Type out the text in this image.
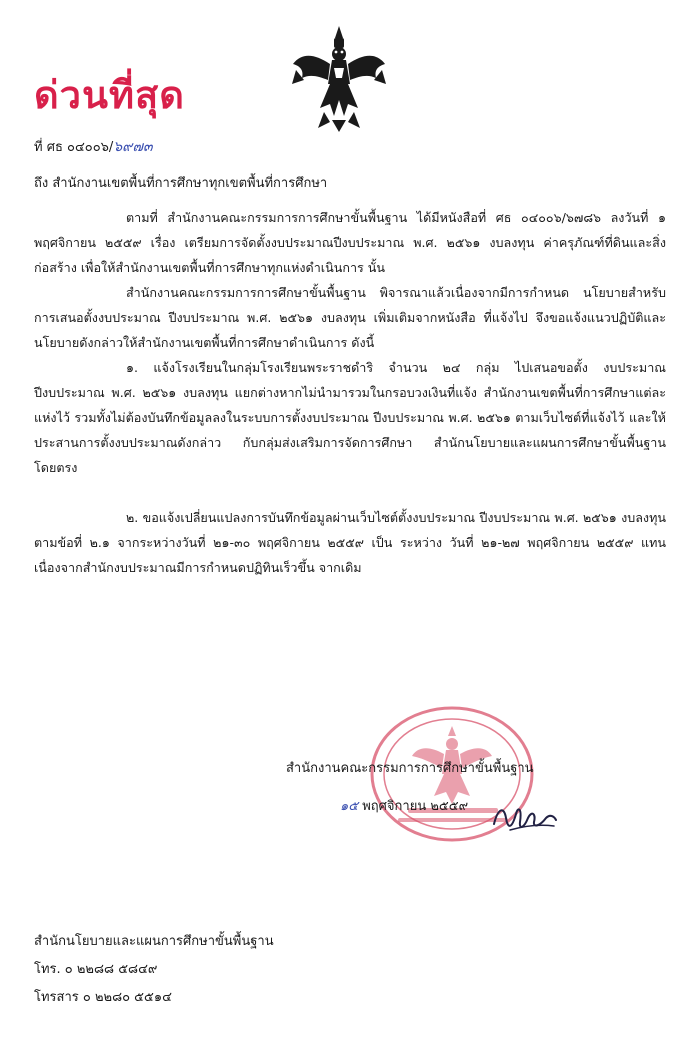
ด่วนที่สุด
ที่ ศธ ๐๔๐๐๖/๖๙๗๓
ถึง สำนักงานเขตพื้นที่การศึกษาทุกเขตพื้นที่การศึกษา
ตามที่ สำนักงานคณะกรรมการการศึกษาขั้นพื้นฐาน ได้มีหนังสือที่ ศธ ๐๔๐๐๖/๖๗๘๖ ลงวันที่ ๑ พฤศจิกายน ๒๕๕๙ เรื่อง เตรียมการจัดตั้งงบประมาณปีงบประมาณ พ.ศ. ๒๕๖๑ งบลงทุน ค่าครุภัณฑ์ที่ดินและสิ่งก่อสร้าง เพื่อให้สำนักงานเขตพื้นที่การศึกษาทุกแห่งดำเนินการ นั้น
สำนักงานคณะกรรมการการศึกษาขั้นพื้นฐาน พิจารณาแล้วเนื่องจากมีการกำหนด นโยบายสำหรับการเสนอตั้งงบประมาณ ปีงบประมาณ พ.ศ. ๒๕๖๑ งบลงทุน เพิ่มเติมจากหนังสือ ที่แจ้งไป จึงขอแจ้งแนวปฏิบัติและนโยบายดังกล่าวให้สำนักงานเขตพื้นที่การศึกษาดำเนินการ ดังนี้
๑. แจ้งโรงเรียนในกลุ่มโรงเรียนพระราชดำริ จำนวน ๒๔ กลุ่ม ไปเสนอขอตั้ง งบประมาณปีงบประมาณ พ.ศ. ๒๕๖๑ งบลงทุน แยกต่างหากไม่นำมารวมในกรอบวงเงินที่แจ้ง สำนักงานเขตพื้นที่การศึกษาแต่ละแห่งไว้ รวมทั้งไม่ต้องบันทึกข้อมูลลงในระบบการตั้งงบประมาณ ปีงบประมาณ พ.ศ. ๒๕๖๑ ตามเว็บไซต์ที่แจ้งไว้ และให้ประสานการตั้งงบประมาณดังกล่าว กับกลุ่มส่งเสริมการจัดการศึกษา สำนักนโยบายและแผนการศึกษาขั้นพื้นฐานโดยตรง
๒. ขอแจ้งเปลี่ยนแปลงการบันทึกข้อมูลผ่านเว็บไซต์ตั้งงบประมาณ ปีงบประมาณ พ.ศ. ๒๕๖๑ งบลงทุน ตามข้อที่ ๒.๑ จากระหว่างวันที่ ๒๑-๓๐ พฤศจิกายน ๒๕๕๙ เป็น ระหว่าง วันที่ ๒๑-๒๗ พฤศจิกายน ๒๕๕๙ แทน เนื่องจากสำนักงบประมาณมีการกำหนดปฏิทินเร็วขึ้น จากเดิม
สำนักงานคณะกรรมการการศึกษาขั้นพื้นฐาน
๑๕ พฤศจิกายน ๒๕๕๙
สำนักนโยบายและแผนการศึกษาขั้นพื้นฐาน
โทร. ๐ ๒๒๘๘ ๕๘๔๙
โทรสาร ๐ ๒๒๘๐ ๕๕๑๔
